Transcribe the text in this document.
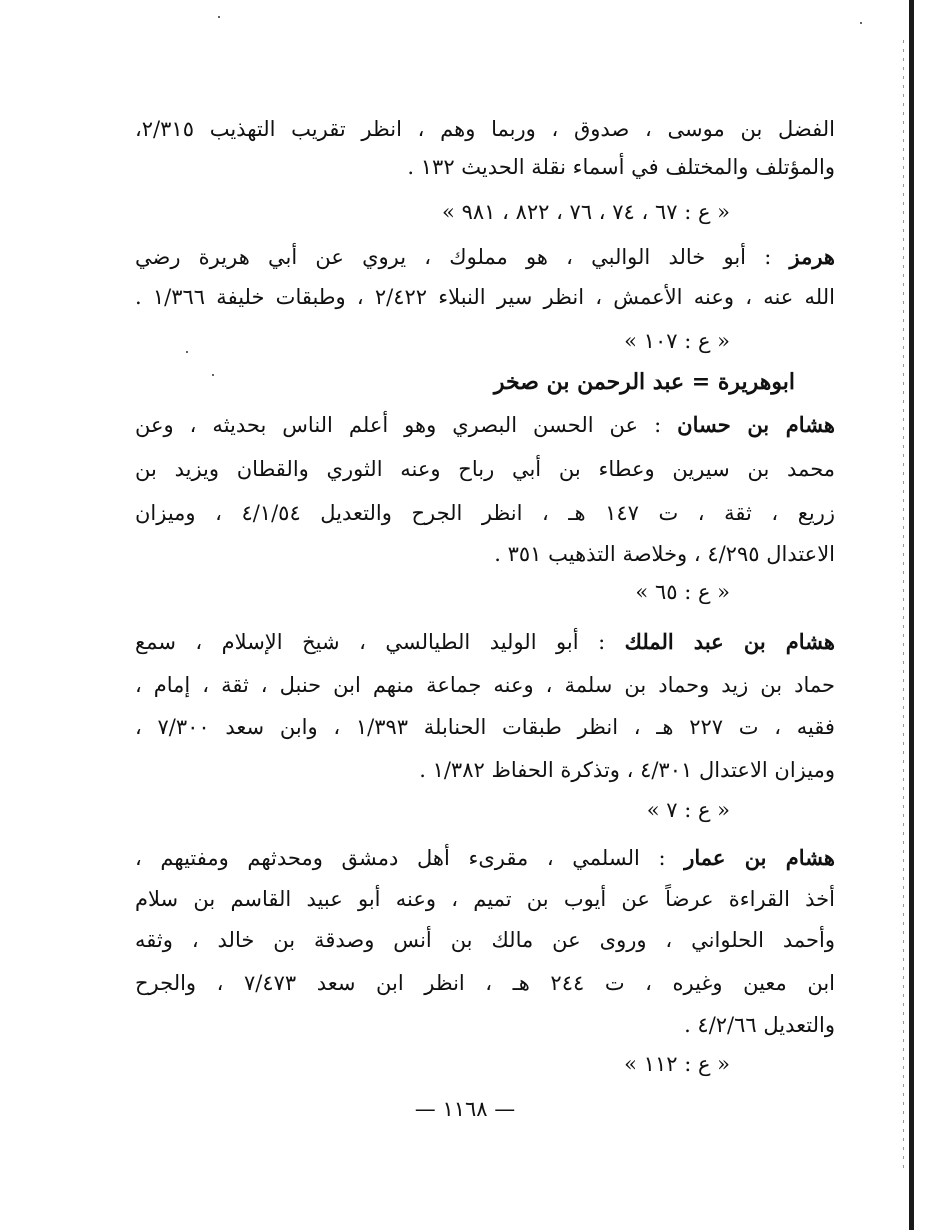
الفضل بن موسى ، صدوق ، وربما وهم ، انظر تقريب التهذيب ٢/٣١٥،
والمؤتلف والمختلف في أسماء نقلة الحديث ١٣٢ .
« ع : ٦٧ ، ٧٤ ، ٧٦ ، ٨٢٢ ، ٩٨١ »
هرمز : أبو خالد الوالبي ، هو مملوك ، يروي عن أبي هريرة رضي
الله عنه ، وعنه الأعمش ، انظر سير النبلاء ٢/٤٢٢ ، وطبقات خليفة ١/٣٦٦ .
« ع : ١٠٧ »
ابوهريرة = عبد الرحمن بن صخر
هشام بن حسان : عن الحسن البصري وهو أعلم الناس بحديثه ، وعن
محمد بن سيرين وعطاء بن أبي رباح وعنه الثوري والقطان ويزيد بن
زريع ، ثقة ، ت ١٤٧ هـ ، انظر الجرح والتعديل ٤/١/٥٤ ، وميزان
الاعتدال ٤/٢٩٥ ، وخلاصة التذهيب ٣٥١ .
« ع : ٦٥ »
هشام بن عبد الملك : أبو الوليد الطيالسي ، شيخ الإسلام ، سمع
حماد بن زيد وحماد بن سلمة ، وعنه جماعة منهم ابن حنبل ، ثقة ، إمام ،
فقيه ، ت ٢٢٧ هـ ، انظر طبقات الحنابلة ١/٣٩٣ ، وابن سعد ٧/٣٠٠ ،
وميزان الاعتدال ٤/٣٠١ ، وتذكرة الحفاظ ١/٣٨٢ .
« ع : ٧ »
هشام بن عمار : السلمي ، مقرىء أهل دمشق ومحدثهم ومفتيهم ،
أخذ القراءة عرضاً عن أيوب بن تميم ، وعنه أبو عبيد القاسم بن سلام
وأحمد الحلواني ، وروى عن مالك بن أنس وصدقة بن خالد ، وثقه
ابن معين وغيره ، ت ٢٤٤ هـ ، انظر ابن سعد ٧/٤٧٣ ، والجرح
والتعديل ٤/٢/٦٦ .
« ع : ١١٢ »
— ١١٦٨ —
